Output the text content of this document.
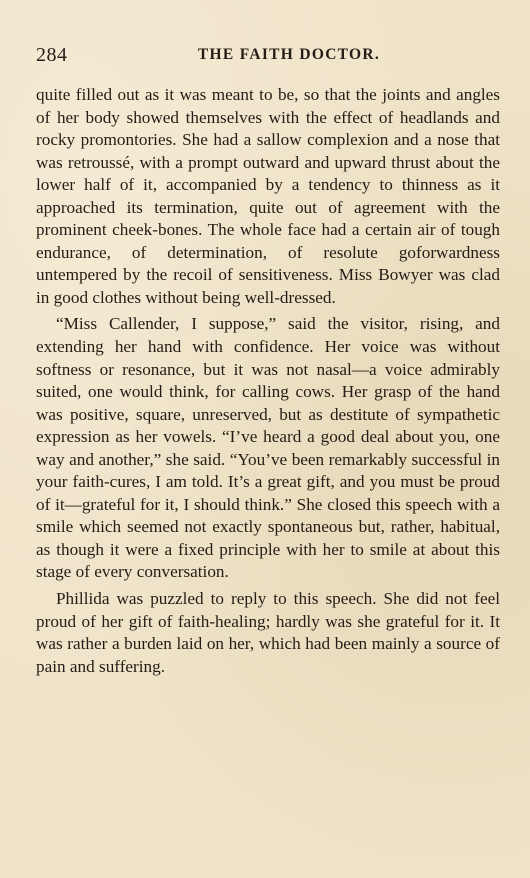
284	THE FAITH DOCTOR.

quite filled out as it was meant to be, so that the joints and angles of her body showed themselves with the effect of headlands and rocky promontories. She had a sallow complexion and a nose that was retroussé, with a prompt outward and upward thrust about the lower half of it, accompanied by a tendency to thinness as it approached its termination, quite out of agreement with the prominent cheek-bones. The whole face had a certain air of tough endurance, of determination, of resolute goforwardness untempered by the recoil of sensitiveness. Miss Bowyer was clad in good clothes without being well-dressed.

“Miss Callender, I suppose,” said the visitor, rising, and extending her hand with confidence. Her voice was without softness or resonance, but it was not nasal—a voice admirably suited, one would think, for calling cows. Her grasp of the hand was positive, square, unreserved, but as destitute of sympathetic expression as her vowels. “I’ve heard a good deal about you, one way and another,” she said. “You’ve been remarkably successful in your faith-cures, I am told. It’s a great gift, and you must be proud of it—grateful for it, I should think.” She closed this speech with a smile which seemed not exactly spontaneous but, rather, habitual, as though it were a fixed principle with her to smile at about this stage of every conversation.

Phillida was puzzled to reply to this speech. She did not feel proud of her gift of faith-healing; hardly was she grateful for it. It was rather a burden laid on her, which had been mainly a source of pain and suffering.
